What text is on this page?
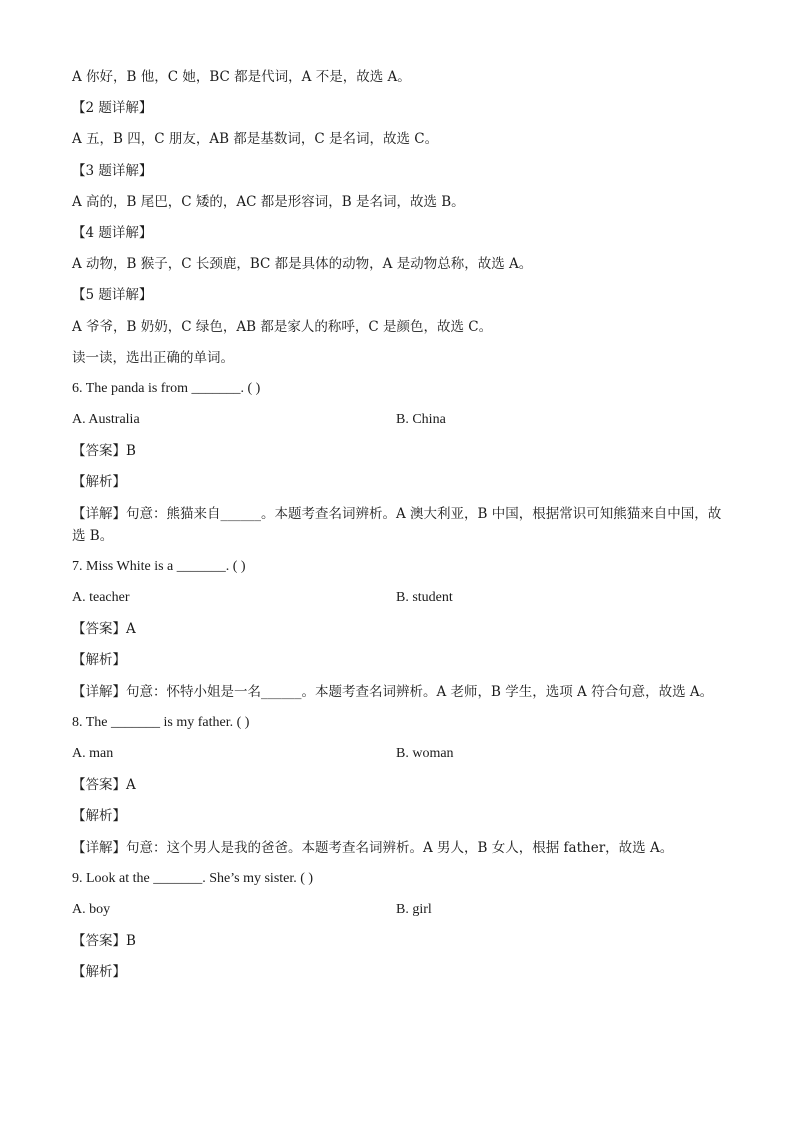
A 你好，B 他，C 她，BC 都是代词，A 不是，故选 A。
【2 题详解】
A 五，B 四，C 朋友，AB 都是基数词，C 是名词，故选 C。
【3 题详解】
A 高的，B 尾巴，C 矮的，AC 都是形容词，B 是名词，故选 B。
【4 题详解】
A 动物，B 猴子，C 长颈鹿，BC 都是具体的动物，A 是动物总称，故选 A。
【5 题详解】
A 爷爷，B 奶奶，C 绿色，AB 都是家人的称呼，C 是颜色，故选 C。
读一读，选出正确的单词。
6. The panda is from _______. ( )
A. Australia	B. China
【答案】B
【解析】
【详解】句意：熊猫来自______。本题考查名词辨析。A 澳大利亚，B 中国，根据常识可知熊猫来自中国，故选 B。
7. Miss White is a _______. ( )
A. teacher	B. student
【答案】A
【解析】
【详解】句意：怀特小姐是一名______。本题考查名词辨析。A 老师，B 学生，选项 A 符合句意，故选 A。
8. The _______ is my father. ( )
A. man	B. woman
【答案】A
【解析】
【详解】句意：这个男人是我的爸爸。本题考查名词辨析。A 男人，B 女人，根据 father，故选 A。
9. Look at the _______. She’s my sister. ( )
A. boy	B. girl
【答案】B
【解析】
